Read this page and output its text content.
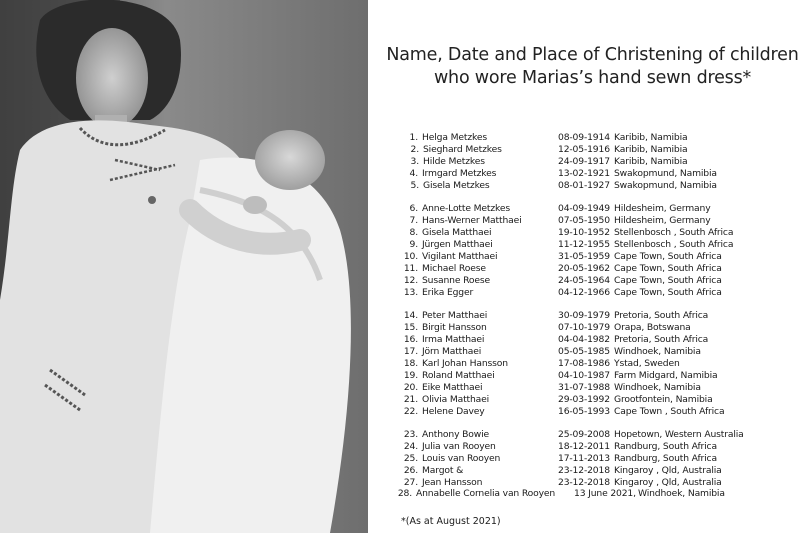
Name, Date and Place of Christening of children
who wore Marias’s hand sewn dress*
1. Helga Metzkes	08-09-1914 Karibib, Namibia
2. Sieghard Metzkes	12-05-1916 Karibib, Namibia
3. Hilde Metzkes	24-09-1917 Karibib, Namibia
4. Irmgard Metzkes	13-02-1921 Swakopmund, Namibia
5. Gisela Metzkes	08-01-1927 Swakopmund, Namibia
6. Anne-Lotte Metzkes	04-09-1949 Hildesheim, Germany
7. Hans-Werner Matthaei	07-05-1950 Hildesheim, Germany
8. Gisela Matthaei	19-10-1952 Stellenbosch , South Africa
9. Jürgen Matthaei	11-12-1955 Stellenbosch , South Africa
10. Vigilant Matthaei	31-05-1959 Cape Town, South Africa
11. Michael Roese	20-05-1962 Cape Town, South Africa
12. Susanne Roese	24-05-1964 Cape Town, South Africa
13. Erika Egger	04-12-1966 Cape Town, South Africa
14. Peter Matthaei	30-09-1979 Pretoria, South Africa
15. Birgit Hansson	07-10-1979 Orapa, Botswana
16. Irma Matthaei	04-04-1982 Pretoria, South Africa
17. Jörn Matthaei	05-05-1985 Windhoek, Namibia
18. Karl Johan Hansson	17-08-1986 Ystad, Sweden
19. Roland Matthaei	04-10-1987 Farm Midgard, Namibia
20. Eike Matthaei	31-07-1988 Windhoek, Namibia
21. Olivia Matthaei	29-03-1992 Grootfontein, Namibia
22. Helene Davey	16-05-1993 Cape Town , South Africa
23. Anthony Bowie	25-09-2008 Hopetown, Western Australia
24. Julia van Rooyen	18-12-2011 Randburg, South Africa
25. Louis van Rooyen	17-11-2013 Randburg, South Africa
26. Margot &	23-12-2018 Kingaroy , Qld, Australia
27. Jean Hansson	23-12-2018 Kingaroy , Qld, Australia
28. Annabelle Cornelia van Rooyen 13 June 2021, Windhoek, Namibia
*(As at August 2021)
